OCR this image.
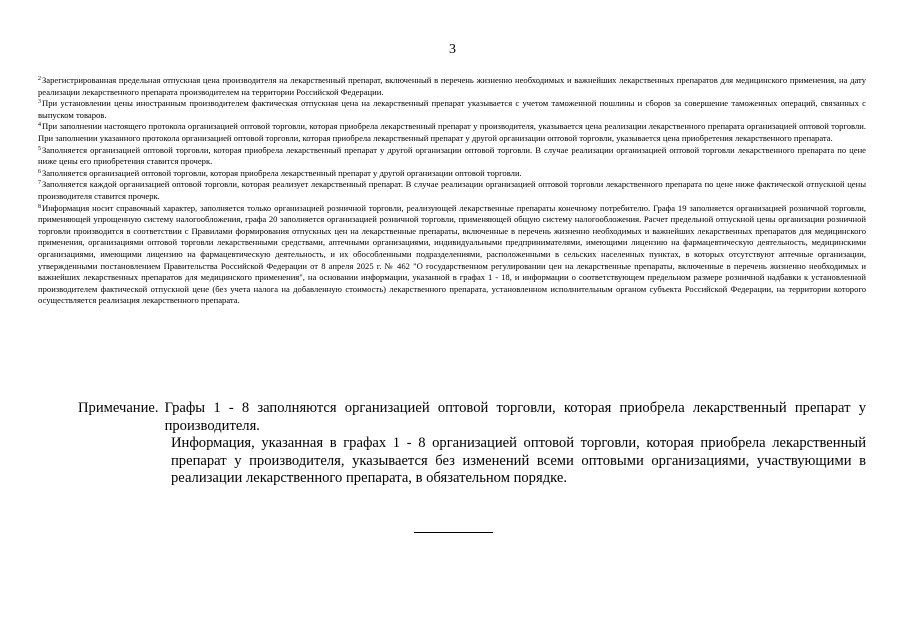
3
$^2$Зарегистрированная предельная отпускная цена производителя на лекарственный препарат, включенный в перечень жизненно необходимых и важнейших лекарственных препаратов для медицинского применения, на дату реализации лекарственного препарата производителем на территории Российской Федерации.
$^3$При установлении цены иностранным производителем фактическая отпускная цена на лекарственный препарат указывается с учетом таможенной пошлины и сборов за совершение таможенных операций, связанных с выпуском товаров.
$^4$При заполнении настоящего протокола организацией оптовой торговли, которая приобрела лекарственный препарат у производителя, указывается цена реализации лекарственного препарата организацией оптовой торговли. При заполнении указанного протокола организацией оптовой торговли, которая приобрела лекарственный препарат у другой организации оптовой торговли, указывается цена приобретения лекарственного препарата.
$^5$Заполняется организацией оптовой торговли, которая приобрела лекарственный препарат у другой организации оптовой торговли. В случае реализации организацией оптовой торговли лекарственного препарата по цене ниже цены его приобретения ставится прочерк.
$^6$Заполняется организацией оптовой торговли, которая приобрела лекарственный препарат у другой организации оптовой торговли.
$^7$Заполняется каждой организацией оптовой торговли, которая реализует лекарственный препарат. В случае реализации организацией оптовой торговли лекарственного препарата по цене ниже фактической отпускной цены производителя ставится прочерк.
$^8$Информация носит справочный характер, заполняется только организацией розничной торговли, реализующей лекарственные препараты конечному потребителю. Графа 19 заполняется организацией розничной торговли, применяющей упрощенную систему налогообложения, графа 20 заполняется организацией розничной торговли, применяющей общую систему налогообложения. Расчет предельной отпускной цены организации розничной торговли производится в соответствии с Правилами формирования отпускных цен на лекарственные препараты, включенные в перечень жизненно необходимых и важнейших лекарственных препаратов для медицинского применения, организациями оптовой торговли лекарственными средствами, аптечными организациями, индивидуальными предпринимателями, имеющими лицензию на фармацевтическую деятельность, медицинскими организациями, имеющими лицензию на фармацевтическую деятельность, и их обособленными подразделениями, расположенными в сельских населенных пунктах, в которых отсутствуют аптечные организации, утвержденными постановлением Правительства Российской Федерации от 8 апреля 2025 г. № 462 "О государственном регулировании цен на лекарственные препараты, включенные в перечень жизненно необходимых и важнейших лекарственных препаратов для медицинского применения", на основании информации, указанной в графах 1 - 18, и информации о соответствующем предельном размере розничной надбавки к установленной производителем фактической отпускной цене (без учета налога на добавленную стоимость) лекарственного препарата, установленном исполнительным органом субъекта Российской Федерации, на территории которого осуществляется реализация лекарственного препарата.
Примечание. Графы 1 - 8 заполняются организацией оптовой торговли, которая приобрела лекарственный препарат у производителя.
Информация, указанная в графах 1 - 8 организацией оптовой торговли, которая приобрела лекарственный препарат у производителя, указывается без изменений всеми оптовыми организациями, участвующими в реализации лекарственного препарата, в обязательном порядке.
